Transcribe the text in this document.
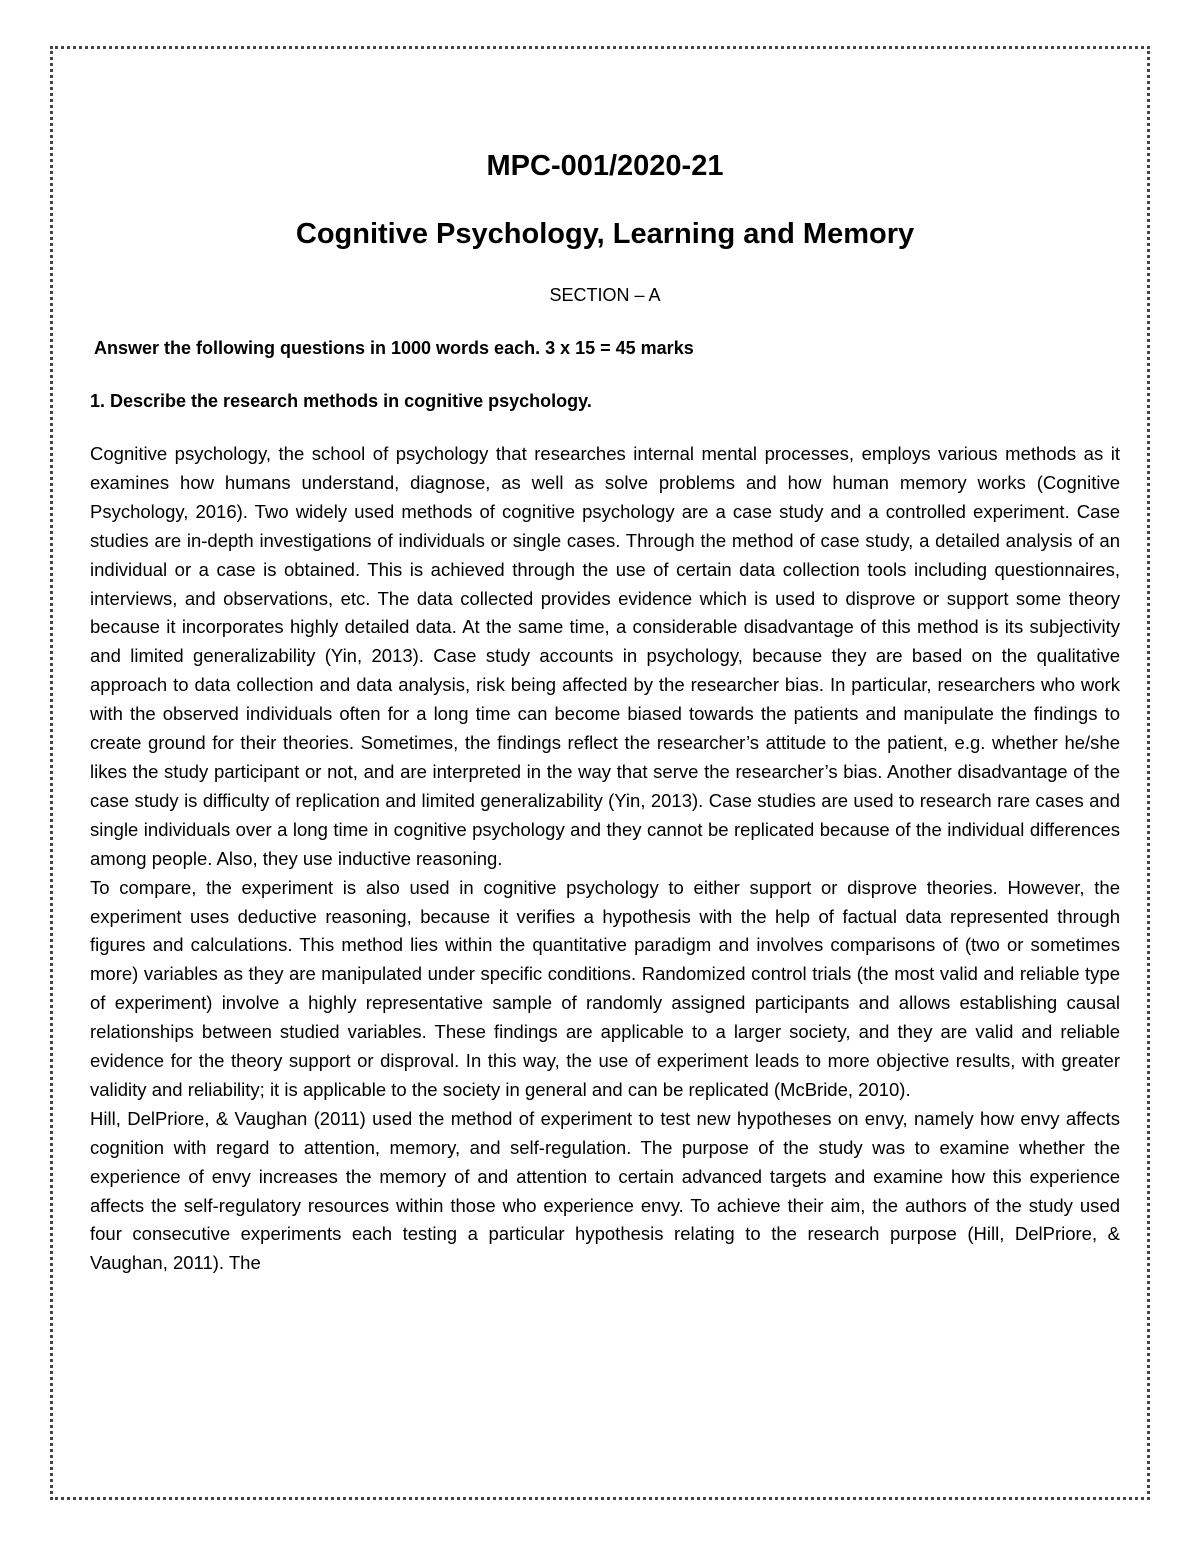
MPC-001/2020-21
Cognitive Psychology, Learning and Memory
SECTION – A
Answer the following questions in 1000 words each. 3 x 15 = 45 marks
1. Describe the research methods in cognitive psychology.

Cognitive psychology, the school of psychology that researches internal mental processes, employs various methods as it examines how humans understand, diagnose, as well as solve problems and how human memory works (Cognitive Psychology, 2016). Two widely used methods of cognitive psychology are a case study and a controlled experiment. Case studies are in-depth investigations of individuals or single cases. Through the method of case study, a detailed analysis of an individual or a case is obtained. This is achieved through the use of certain data collection tools including questionnaires, interviews, and observations, etc. The data collected provides evidence which is used to disprove or support some theory because it incorporates highly detailed data. At the same time, a considerable disadvantage of this method is its subjectivity and limited generalizability (Yin, 2013). Case study accounts in psychology, because they are based on the qualitative approach to data collection and data analysis, risk being affected by the researcher bias. In particular, researchers who work with the observed individuals often for a long time can become biased towards the patients and manipulate the findings to create ground for their theories. Sometimes, the findings reflect the researcher’s attitude to the patient, e.g. whether he/she likes the study participant or not, and are interpreted in the way that serve the researcher’s bias. Another disadvantage of the case study is difficulty of replication and limited generalizability (Yin, 2013). Case studies are used to research rare cases and single individuals over a long time in cognitive psychology and they cannot be replicated because of the individual differences among people. Also, they use inductive reasoning.

To compare, the experiment is also used in cognitive psychology to either support or disprove theories. However, the experiment uses deductive reasoning, because it verifies a hypothesis with the help of factual data represented through figures and calculations. This method lies within the quantitative paradigm and involves comparisons of (two or sometimes more) variables as they are manipulated under specific conditions. Randomized control trials (the most valid and reliable type of experiment) involve a highly representative sample of randomly assigned participants and allows establishing causal relationships between studied variables. These findings are applicable to a larger society, and they are valid and reliable evidence for the theory support or disproval. In this way, the use of experiment leads to more objective results, with greater validity and reliability; it is applicable to the society in general and can be replicated (McBride, 2010).

Hill, DelPriore, & Vaughan (2011) used the method of experiment to test new hypotheses on envy, namely how envy affects cognition with regard to attention, memory, and self-regulation. The purpose of the study was to examine whether the experience of envy increases the memory of and attention to certain advanced targets and examine how this experience affects the self-regulatory resources within those who experience envy. To achieve their aim, the authors of the study used four consecutive experiments each testing a particular hypothesis relating to the research purpose (Hill, DelPriore, & Vaughan, 2011). The
